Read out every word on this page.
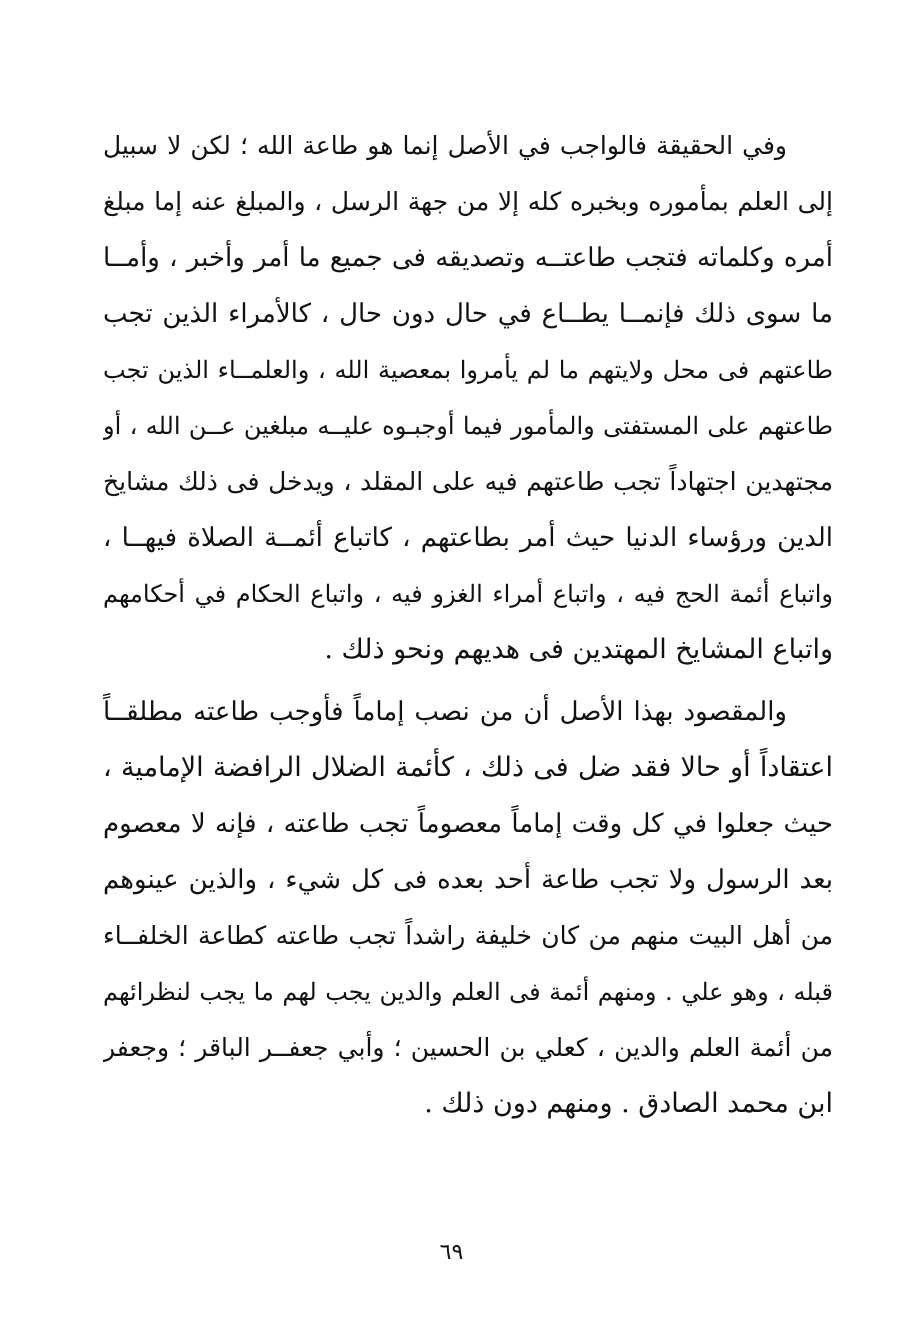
وفي الحقيقة فالواجب في الأصل إنما هو طاعة الله ؛ لكن لا سبيل
إلى العلم بمأموره وبخبره كله إلا من جهة الرسل ، والمبلغ عنه إما مبلغ
أمره وكلماته فتجب طاعتــه وتصديقه فى جميع ما أمر وأخبر ، وأمــا
ما سوى ذلك فإنمــا يطــاع في حال دون حال ، كالأمراء الذين تجب
طاعتهم فى محل ولايتهم ما لم يأمروا بمعصية الله ، والعلمــاء الذين تجب
طاعتهم على المستفتى والمأمور فيما أوجبـوه عليــه مبلغين عــن الله ، أو
مجتهدين اجتهاداً تجب طاعتهم فيه على المقلد ، ويدخل فى ذلك مشايخ
الدين ورؤساء الدنيا حيث أمر بطاعتهم ، كاتباع أئمــة الصلاة فيهــا ،
واتباع أئمة الحج فيه ، واتباع أمراء الغزو فيه ، واتباع الحكام في أحكامهم
واتباع المشايخ المهتدين فى هديهم ونحو ذلك .
والمقصود بهذا الأصل أن من نصب إماماً فأوجب طاعته مطلقــاً
اعتقاداً أو حالا فقد ضل فى ذلك ، كأئمة الضلال الرافضة الإمامية ،
حيث جعلوا في كل وقت إماماً معصوماً تجب طاعته ، فإنه لا معصوم
بعد الرسول ولا تجب طاعة أحد بعده فى كل شيء ، والذين عينوهم
من أهل البيت منهم من كان خليفة راشداً تجب طاعته كطاعة الخلفــاء
قبله ، وهو علي . ومنهم أئمة فى العلم والدين يجب لهم ما يجب لنظرائهم
من أئمة العلم والدين ، كعلي بن الحسين ؛ وأبي جعفــر الباقر ؛ وجعفر
ابن محمد الصادق . ومنهم دون ذلك .
٦٩
